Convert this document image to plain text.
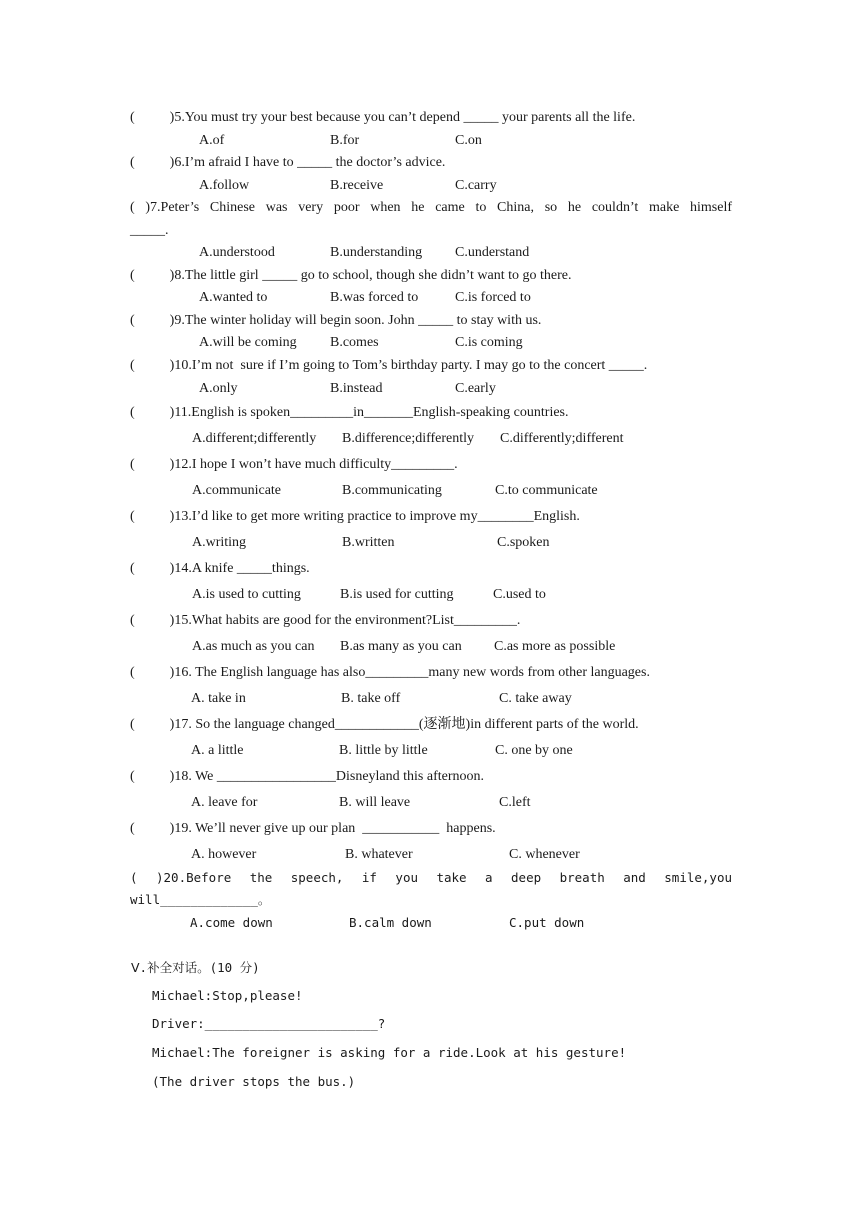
(          )5.You must try your best because you can’t depend _____ your parents all the life.
A.of	B.for	C.on
(          )6.I’m afraid I have to _____ the doctor’s advice.
A.follow	B.receive	C.carry
( )7.Peter’s Chinese was very poor when he came to China, so he couldn’t make himself
_____.
A.understood	B.understanding C.understand
(          )8.The little girl _____ go to school, though she didn’t want to go there.
A.wanted to	B.was forced to	C.is forced to
(          )9.The winter holiday will begin soon. John _____ to stay with us.
A.will be coming B.comes	C.is coming
(          )10.I’m not  sure if I’m going to Tom’s birthday party. I may go to the concert _____.
A.only	B.instead	C.early
(          )11.English is spoken_________in_______English-speaking countries.
A.different;differently B.difference;differently C.differently;different
(          )12.I hope I won’t have much difficulty_________.
A.communicate	B.communicating	C.to communicate
(          )13.I’d like to get more writing practice to improve my________English.
A.writing	B.written	C.spoken
(          )14.A knife _____things.
A.is used to cutting	B.is used for cutting	C.used to
(          )15.What habits are good for the environment?List_________.
A.as much as you can B.as many as you can C.as more as possible
(          )16. The English language has also_________many new words from other languages.
A. take in	B. take off	C. take away
(          )17. So the language changed____________(逐渐地)in different parts of the world.
A. a little	B. little by little	C. one by one
(          )18. We _________________Disneyland this afternoon.
A. leave for	B. will leave	C.left
(          )19. We’ll never give up our plan  ___________  happens.
A. however	B. whatever	C. whenever
( )20.Before the speech, if you take a deep breath and smile,you
will_____________。
A.come down	B.calm down	C.put down
Ⅴ.补全对话。(10 分)
Michael:Stop,please!
Driver:_______________________?
Michael:The foreigner is asking for a ride.Look at his gesture!
(The driver stops the bus.)
